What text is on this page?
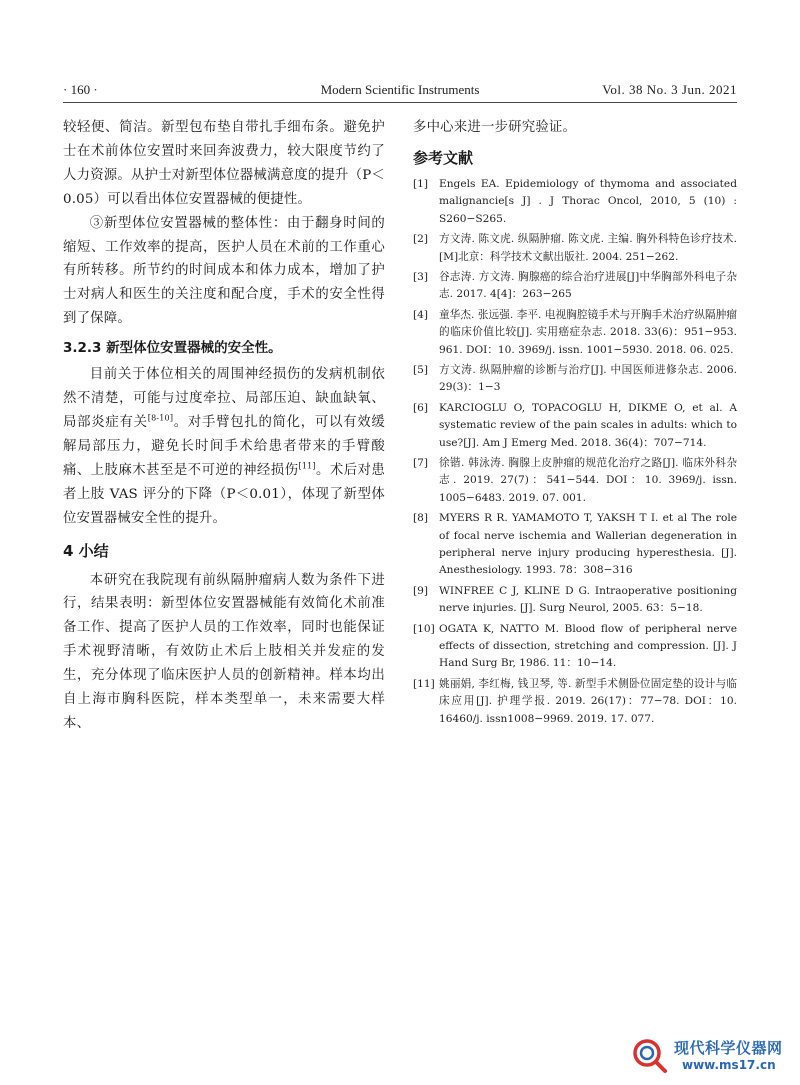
· 160 ·	Modern Scientific Instruments	Vol. 38 No. 3 Jun. 2021

较轻便、简洁。新型包布垫自带扎手细布条。避免护士在术前体位安置时来回奔波费力，较大限度节约了人力资源。从护士对新型体位器械满意度的提升（P＜0.05）可以看出体位安置器械的便捷性。

③新型体位安置器械的整体性：由于翻身时间的缩短、工作效率的提高，医护人员在术前的工作重心有所转移。所节约的时间成本和体力成本，增加了护士对病人和医生的关注度和配合度，手术的安全性得到了保障。

3.2.3 新型体位安置器械的安全性。

目前关于体位相关的周围神经损伤的发病机制依然不清楚，可能与过度牵拉、局部压迫、缺血缺氧、局部炎症有关[8-10]。对手臂包扎的简化，可以有效缓解局部压力，避免长时间手术给患者带来的手臂酸痛、上肢麻木甚至是不可逆的神经损伤[11]。术后对患者上肢 VAS 评分的下降（P＜0.01），体现了新型体位安置器械安全性的提升。

4 小结

本研究在我院现有前纵隔肿瘤病人数为条件下进行，结果表明：新型体位安置器械能有效简化术前准备工作、提高了医护人员的工作效率，同时也能保证手术视野清晰，有效防止术后上肢相关并发症的发生，充分体现了临床医护人员的创新精神。样本均出自上海市胸科医院，样本类型单一，未来需要大样本、

多中心来进一步研究验证。

参考文献

[1] Engels EA. Epidemiology of thymoma and associated malignancie[s J] . J Thorac Oncol, 2010, 5 (10) : S260−S265.

[2] 方文涛. 陈文虎. 纵隔肿瘤. 陈文虎. 主编. 胸外科特色诊疗技术. [M]北京：科学技术文献出版社. 2004. 251−262.

[3] 谷志涛. 方文涛. 胸腺癌的综合治疗进展[J]中华胸部外科电子杂志. 2017. 4[4]：263−265

[4] 童华杰. 张远强. 李平. 电视胸腔镜手术与开胸手术治疗纵隔肿瘤的临床价值比较[J]. 实用癌症杂志. 2018. 33(6)：951−953. 961. DOI：10. 3969/j. issn. 1001−5930. 2018. 06. 025.

[5] 方文涛. 纵隔肿瘤的诊断与治疗[J]. 中国医师进修杂志. 2006. 29(3)：1−3

[6] KARCIOGLU O, TOPACOGLU H, DIKME O, et al. A systematic review of the pain scales in adults: which to use?[J]. Am J Emerg Med. 2018. 36(4)：707−714.

[7] 徐锴. 韩泳涛. 胸腺上皮肿瘤的规范化治疗之路[J]. 临床外科杂志. 2019. 27(7)：541−544. DOI：10. 3969/j. issn. 1005−6483. 2019. 07. 001.

[8] MYERS R R. YAMAMOTO T, YAKSH T I. et al The role of focal nerve ischemia and Wallerian degeneration in peripheral nerve injury producing hyperesthesia. [J]. Anesthesiology. 1993. 78：308−316

[9] WINFREE C J, KLINE D G. Intraoperative positioning nerve injuries. [J]. Surg Neurol, 2005. 63：5−18.

[10] OGATA K, NATTO M. Blood flow of peripheral nerve effects of dissection, stretching and compression. [J]. J Hand Surg Br, 1986. 11：10−14.

[11] 姚丽娟, 李红梅, 钱卫琴, 等. 新型手术侧卧位固定垫的设计与临床应用[J]. 护理学报. 2019. 26(17)：77−78. DOI：10. 16460/j. issn1008−9969. 2019. 17. 077.

现代科学仪器网
www.ms17.cn
